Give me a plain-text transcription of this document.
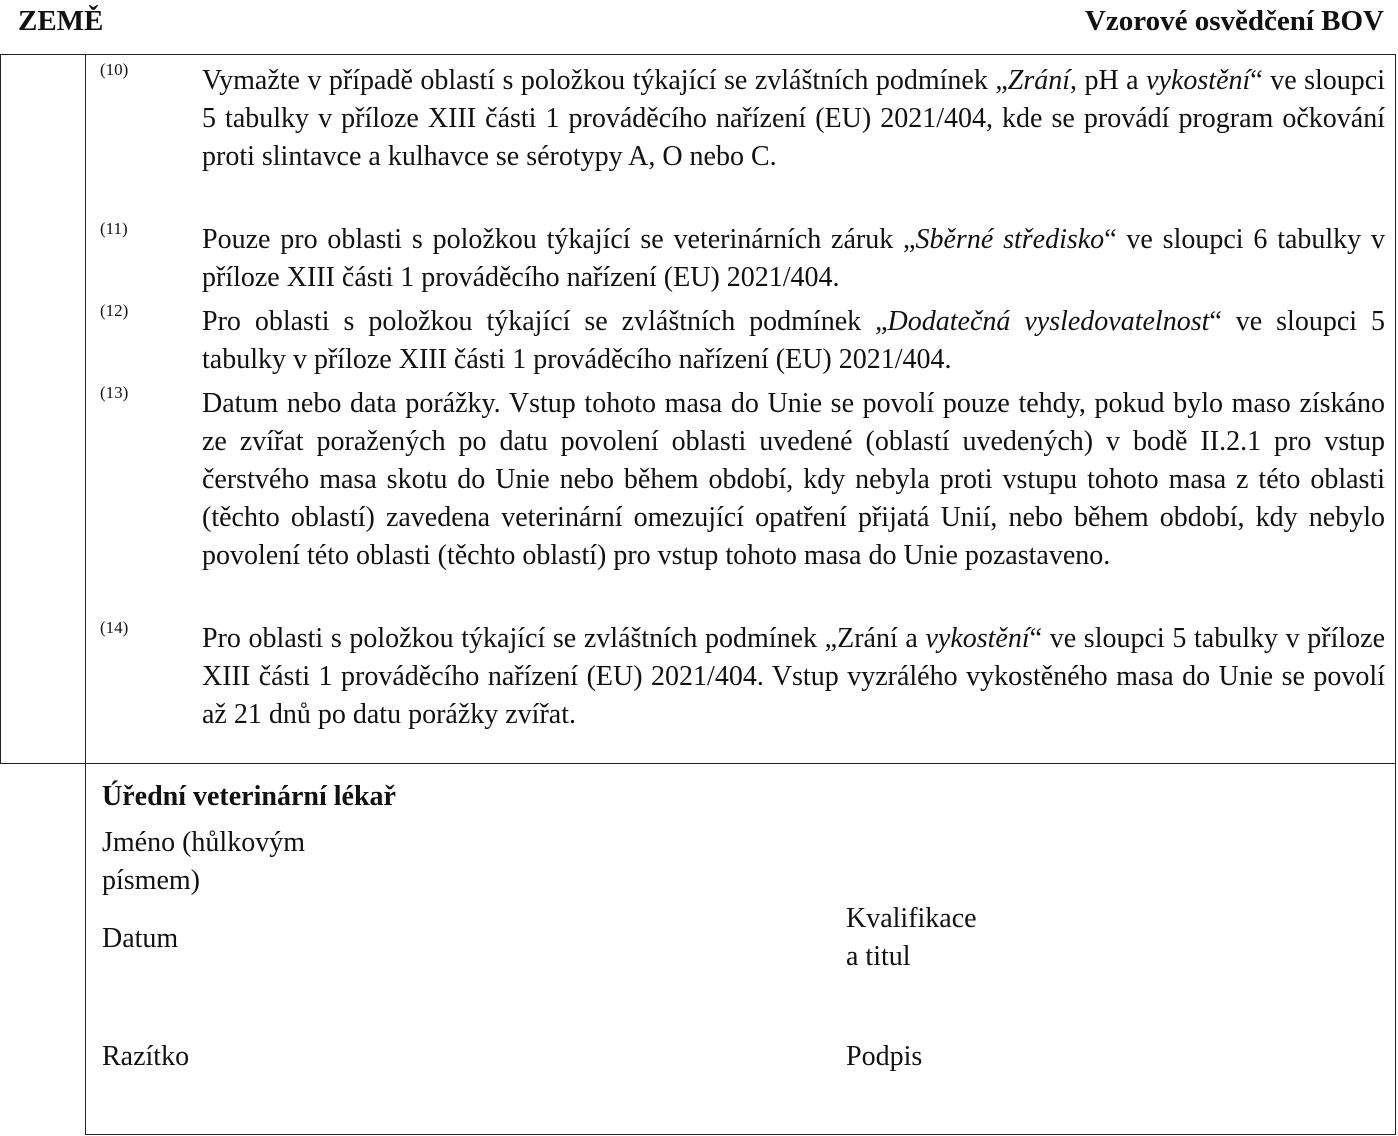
ZEMĚ	Vzorové osvědčení BOV
(10)	Vymažte v případě oblastí s položkou týkající se zvláštních podmínek „Zrání, pH a vykostění“ ve sloupci 5 tabulky v příloze XIII části 1 prováděcího nařízení (EU) 2021/404, kde se provádí program očkování proti slintavce a kulhavce se sérotypy A, O nebo C.
(11)	Pouze pro oblasti s položkou týkající se veterinárních záruk „Sběrné středisko“ ve sloupci 6 tabulky v příloze XIII části 1 prováděcího nařízení (EU) 2021/404.
(12)	Pro oblasti s položkou týkající se zvláštních podmínek „Dodatečná vysledovatelnost“ ve sloupci 5 tabulky v příloze XIII části 1 prováděcího nařízení (EU) 2021/404.
(13)	Datum nebo data porážky. Vstup tohoto masa do Unie se povolí pouze tehdy, pokud bylo maso získáno ze zvířat poražených po datu povolení oblasti uvedené (oblastí uvedených) v bodě II.2.1 pro vstup čerstvého masa skotu do Unie nebo během období, kdy nebyla proti vstupu tohoto masa z této oblasti (těchto oblastí) zavedena veterinární omezující opatření přijatá Unií, nebo během období, kdy nebylo povolení této oblasti (těchto oblastí) pro vstup tohoto masa do Unie pozastaveno.
(14)	Pro oblasti s položkou týkající se zvláštních podmínek „Zrání a vykostění“ ve sloupci 5 tabulky v příloze XIII části 1 prováděcího nařízení (EU) 2021/404. Vstup vyzrálého vykostěného masa do Unie se povolí až 21 dnů po datu porážky zvířat.
Úřední veterinární lékař
Jméno (hůlkovým
písmem)
Datum
Kvalifikace
a titul
Razítko	Podpis
